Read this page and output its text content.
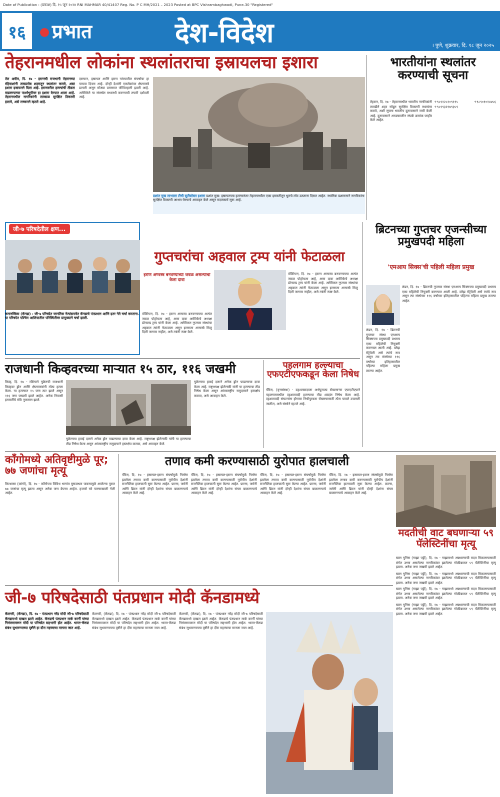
Date of Publication : (प्रकाश) दि. १५ जून २०२४ RNI MAHMAR 40/41407 Reg. No. P C MH/2021 – 2023 Posted at BPC Vishrambaghwadi, Pune-30 "Registered"
१६	प्रभात	देश-विदेश	। पुणे, शुक्रवार, दि. १८ जून २०२५
तेहरानमधील लोकांना स्थलांतराचा इस्रायलचा इशारा

तेल अवीव, दि. १७ - इराणची राजधानी तेहरानच्या रहिवाशांनी ताबडतोब शहरातून स्थलांतर करावे, असा इशारा इस्रायलने दिला आहे. इराणवरील हल्ल्यांची तीव्रता वाढवण्याच्या पार्श्वभूमीवर हा इशारा देण्यात आला आहे. तेहरानमधील नागरिकांनी तात्काळ सुरक्षित ठिकाणी हलावे, असे लष्कराने म्हटले आहे.

दरम्यान, इस्रायल आणि इराण यांच्यातील संघर्षाचा हा पाचवा दिवस आहे. दोन्ही देशांनी एकमेकांवर क्षेपणास्त्रे डागली असून मोठ्या प्रमाणात जीवितहानी झाली आहे. अमेरिकेने या संघर्षात मध्यस्थी करण्याची तयारी दर्शवली आहे.

प्रशांत मुख लाभाला टीची सुटीसोबत इशारा प्रशांत मुख: इस्रायलच्या हल्ल्यानंतर तेहरानमधील एका इमारतीतून धुराचे लोट उठताना दिसत आहेत. स्थानिक प्रशासनाने नागरिकांना सुरक्षित ठिकाणी आश्रय घेण्याचे आवाहन केले असून मदतकार्य सुरू आहे.
भारतीयांना स्थलांतर करण्याची सूचना

तेहरान, दि. १७ - तेहरानमधील भारतीय नागरिकांनी तातडीने शहर सोडून सुरक्षित ठिकाणी स्थलांतर करावे, अशी सूचना भारतीय दूतावासाने जारी केली आहे. दूतावासाने आपत्कालीन संपर्क क्रमांक जाहीर केले आहेत.

+९८९१२८१०९११५ +९८९०१०१४४५६ +९८९९३२१७९३५९

जी-७ परिषदेतील क्षण...
गुप्तचरांचा अहवाल ट्रम्प यांनी फेटाळला
इराण अण्वस्त्र बनवण्याच्या जवळ असल्याचा केला दावा

वॉशिंग्टन, दि. १७ - इराण अण्वस्त्र बनवण्याच्या अत्यंत जवळ पोहोचला आहे, असा दावा अमेरिकेचे अध्यक्ष डोनाल्ड ट्रम्प यांनी केला आहे. अमेरिकन गुप्तचर संस्थांचा अहवाल त्यांनी फेटाळला असून इराणला अण्वस्त्रे मिळू दिली जाणार नाहीत, असे त्यांनी स्पष्ट केले.

वॉशिंग्टन, दि. १७ - इराण अण्वस्त्र बनवण्याच्या अत्यंत जवळ पोहोचला आहे, असा दावा अमेरिकेचे अध्यक्ष डोनाल्ड ट्रम्प यांनी केला आहे. अमेरिकन गुप्तचर संस्थांचा अहवाल त्यांनी फेटाळला असून इराणला अण्वस्त्रे मिळू दिली जाणार नाहीत, असे त्यांनी स्पष्ट केले.

कनानस्किस (कॅनडा) : जी-७ परिषदेत जागतिक नेत्यांसमवेत कॅनडाचे पंतप्रधान आणि इतर नेते चर्चा करताना. या परिषदेत पश्चिम आशियातील परिस्थितीवर प्रामुख्याने चर्चा झाली.
ब्रिटनच्या गुप्तचर एजन्सीच्या प्रमुखपदी महिला
'एमआय सिक्स'ची पहिली महिला प्रमुख

लंडन, दि. १७ - ब्रिटनची गुप्तचर संस्था एमआय सिक्सच्या प्रमुखपदी प्रथमच एका महिलेची नियुक्ती करण्यात आली आहे. ब्लेझ मेट्रेवेली असे त्यांचे नाव असून त्या संस्थेच्या ११६ वर्षांच्या इतिहासातील पहिल्या महिला प्रमुख ठरल्या आहेत.

लंडन, दि. १७ - ब्रिटनची गुप्तचर संस्था एमआय सिक्सच्या प्रमुखपदी प्रथमच एका महिलेची नियुक्ती करण्यात आली आहे. ब्लेझ मेट्रेवेली असे त्यांचे नाव असून त्या संस्थेच्या ११६ वर्षांच्या इतिहासातील पहिल्या महिला प्रमुख ठरल्या आहेत.

राजधानी किव्हवरच्या माऱ्यात १५ ठार, ११६ जखमी

किव्ह, दि. १७ - रशियाने युक्रेनची राजधानी किव्हवर ड्रोन आणि क्षेपणास्त्रांनी मोठा हल्ला केला. या हल्ल्यात १५ जण ठार झाले असून ११६ जण जखमी झाले आहेत. अनेक निवासी इमारतींचे मोठे नुकसान झाले.

युक्रेनच्या हवाई दलाने अनेक ड्रोन पाडल्याचा दावा केला आहे. राष्ट्राध्यक्ष झेलेन्स्की यांनी या हल्ल्याचा तीव्र निषेध केला असून आंतरराष्ट्रीय समुदायाने हस्तक्षेप करावा, असे आवाहन केले.

युक्रेनच्या हवाई दलाने अनेक ड्रोन पाडल्याचा दावा केला आहे. राष्ट्राध्यक्ष झेलेन्स्की यांनी या हल्ल्याचा तीव्र निषेध केला असून आंतरराष्ट्रीय समुदायाने हस्तक्षेप करावा, असे आवाहन केले.

पहलगाम हल्ल्याचा एफएटीएफकडून केला निषेध

पॅरिस, (वृत्तसंस्था) - दहशतवादाला अर्थपुरवठा रोखणाऱ्या एफएटीएफने पहलगाममधील दहशतवादी हल्ल्याचा तीव्र शब्दांत निषेध केला आहे. दहशतवादी संघटनांना होणारा निधीपुरवठा रोखण्यासाठी ठोस पावले उचलली जातील, असे संस्थेने म्हटले आहे.

काँगोमध्ये अतिवृष्टीमुळे पूर; ७७ जणांचा मृत्यू

किन्शासा (कांगो), दि. १७ - काँगोच्या विविध भागांत मुसळधार पावसामुळे आलेल्या पुरात ७७ जणांचा मृत्यू झाला असून अनेक जण बेपत्ता आहेत. हजारो घरे पाण्याखाली गेली आहेत.

तणाव कमी करण्यासाठी युरोपात हालचाली

पॅरिस, दि. १७ - इस्रायल-इराण संघर्षामुळे निर्माण झालेला तणाव कमी करण्यासाठी युरोपीय देशांनी राजनैतिक हालचाली सुरू केल्या आहेत. फ्रान्स, जर्मनी आणि ब्रिटन यांनी दोन्ही देशांना संयम बाळगण्याचे आवाहन केले आहे.

पॅरिस, दि. १७ - इस्रायल-इराण संघर्षामुळे निर्माण झालेला तणाव कमी करण्यासाठी युरोपीय देशांनी राजनैतिक हालचाली सुरू केल्या आहेत. फ्रान्स, जर्मनी आणि ब्रिटन यांनी दोन्ही देशांना संयम बाळगण्याचे आवाहन केले आहे.

पॅरिस, दि. १७ - इस्रायल-इराण संघर्षामुळे निर्माण झालेला तणाव कमी करण्यासाठी युरोपीय देशांनी राजनैतिक हालचाली सुरू केल्या आहेत. फ्रान्स, जर्मनी आणि ब्रिटन यांनी दोन्ही देशांना संयम बाळगण्याचे आवाहन केले आहे.

पॅरिस, दि. १७ - इस्रायल-इराण संघर्षामुळे निर्माण झालेला तणाव कमी करण्यासाठी युरोपीय देशांनी राजनैतिक हालचाली सुरू केल्या आहेत. फ्रान्स, जर्मनी आणि ब्रिटन यांनी दोन्ही देशांना संयम बाळगण्याचे आवाहन केले आहे.

मदतीची वाट बघणाऱ्या ५९ पॅलेस्टिनींचा मृत्यू

खान युनिस (गाझा पट्टी), दि. १७ - गाझामध्ये अन्नधान्याची मदत मिळवण्यासाठी रांगेत उभ्या असलेल्या नागरिकांवर झालेल्या गोळीबारात ५९ पॅलेस्टिनींचा मृत्यू झाला. अनेक जण जखमी झाले आहेत.

खान युनिस (गाझा पट्टी), दि. १७ - गाझामध्ये अन्नधान्याची मदत मिळवण्यासाठी रांगेत उभ्या असलेल्या नागरिकांवर झालेल्या गोळीबारात ५९ पॅलेस्टिनींचा मृत्यू झाला. अनेक जण जखमी झाले आहेत.

खान युनिस (गाझा पट्टी), दि. १७ - गाझामध्ये अन्नधान्याची मदत मिळवण्यासाठी रांगेत उभ्या असलेल्या नागरिकांवर झालेल्या गोळीबारात ५९ पॅलेस्टिनींचा मृत्यू झाला. अनेक जण जखमी झाले आहेत.

खान युनिस (गाझा पट्टी), दि. १७ - गाझामध्ये अन्नधान्याची मदत मिळवण्यासाठी रांगेत उभ्या असलेल्या नागरिकांवर झालेल्या गोळीबारात ५९ पॅलेस्टिनींचा मृत्यू झाला. अनेक जण जखमी झाले आहेत.

जी-७ परिषदेसाठी पंतप्रधान मोदी कॅनडामध्ये

कॅलगरी, (कॅनडा), दि. १७ - पंतप्रधान नरेंद्र मोदी जी-७ परिषदेसाठी कॅनडामध्ये दाखल झाले आहेत. कॅनडाचे पंतप्रधान मार्क कार्नी यांच्या निमंत्रणावरून मोदी या परिषदेत सहभागी होत आहेत. भारत-कॅनडा संबंध सुधारण्याच्या दृष्टीने हा दौरा महत्त्वाचा मानला जात आहे.

कॅलगरी, (कॅनडा), दि. १७ - पंतप्रधान नरेंद्र मोदी जी-७ परिषदेसाठी कॅनडामध्ये दाखल झाले आहेत. कॅनडाचे पंतप्रधान मार्क कार्नी यांच्या निमंत्रणावरून मोदी या परिषदेत सहभागी होत आहेत. भारत-कॅनडा संबंध सुधारण्याच्या दृष्टीने हा दौरा महत्त्वाचा मानला जात आहे.

कॅलगरी, (कॅनडा), दि. १७ - पंतप्रधान नरेंद्र मोदी जी-७ परिषदेसाठी कॅनडामध्ये दाखल झाले आहेत. कॅनडाचे पंतप्रधान मार्क कार्नी यांच्या निमंत्रणावरून मोदी या परिषदेत सहभागी होत आहेत. भारत-कॅनडा संबंध सुधारण्याच्या दृष्टीने हा दौरा महत्त्वाचा मानला जात आहे.
